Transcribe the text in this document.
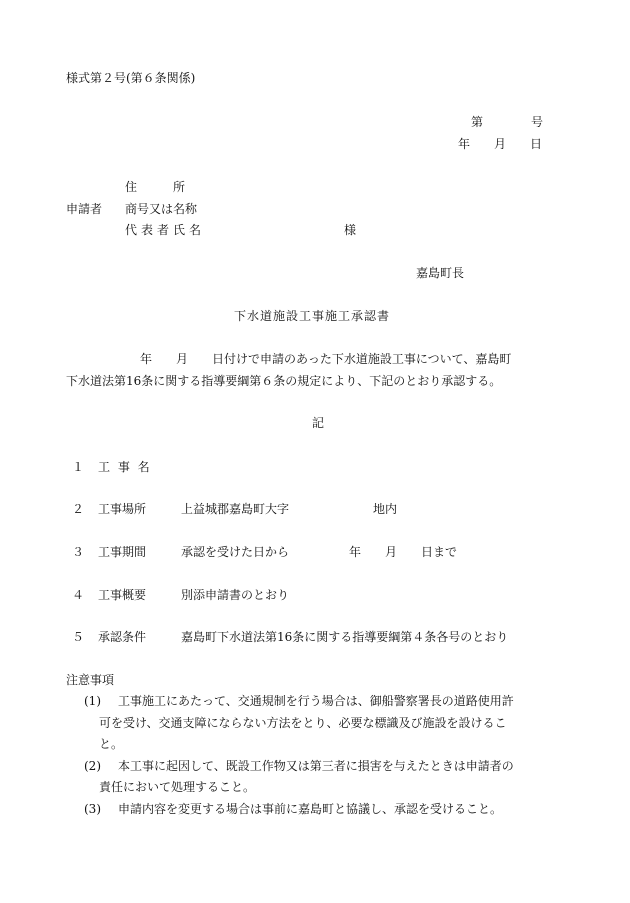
様式第２号(第６条関係)
第　　　　号
年　　月　　日
住　　　所
申請者 商号又は名称
代表者氏名	様
嘉島町長
下水道施設工事施工承認書
年　　月　　日付けで申請のあった下水道施設工事について、嘉島町
下水道法第16条に関する指導要綱第６条の規定により、下記のとおり承認する。
記
１ 工 事 名
２ 工事場所	上益城郡嘉島町大字　　　　　　　地内
３ 工事期間	承認を受けた日から　　　　　年　　月　　日まで
４ 工事概要	別添申請書のとおり
５ 承認条件	嘉島町下水道法第16条に関する指導要綱第４条各号のとおり
注意事項
(1) 工事施工にあたって、交通規制を行う場合は、御船警察署長の道路使用許
可を受け、交通支障にならない方法をとり、必要な標識及び施設を設けるこ
と。
(2) 本工事に起因して、既設工作物又は第三者に損害を与えたときは申請者の
責任において処理すること。
(3) 申請内容を変更する場合は事前に嘉島町と協議し、承認を受けること。
